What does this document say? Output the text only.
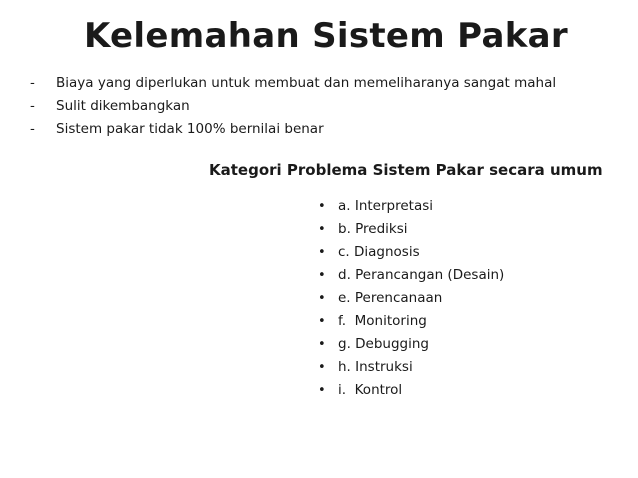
Kelemahan Sistem Pakar
-	Biaya yang diperlukan untuk membuat dan memeliharanya sangat mahal
-	Sulit dikembangkan
-	Sistem pakar tidak 100% bernilai benar
Kategori Problema Sistem Pakar secara umum
• a. Interpretasi
• b. Prediksi
• c. Diagnosis
• d. Perancangan (Desain)
• e. Perencanaan
• f.  Monitoring
• g. Debugging
• h. Instruksi
• i.  Kontrol
